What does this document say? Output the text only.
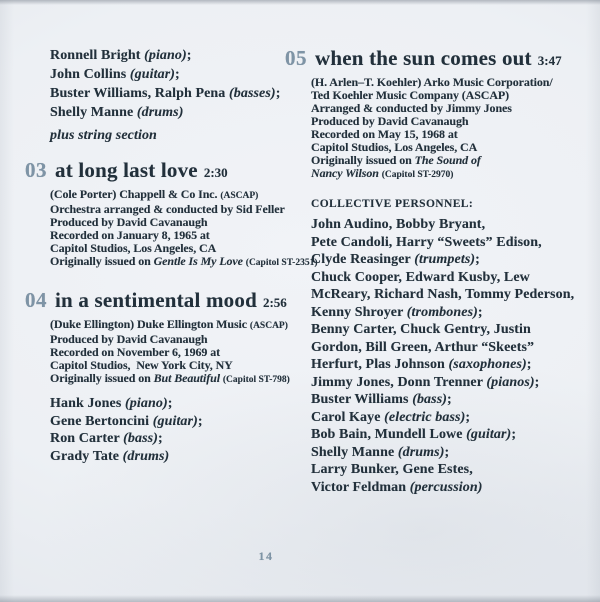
Ronnell Bright (piano);
John Collins (guitar);
Buster Williams, Ralph Pena (basses);
Shelly Manne (drums)
plus string section
03 at long last love 2:30
(Cole Porter) Chappell & Co Inc. (ASCAP)
Orchestra arranged & conducted by Sid Feller
Produced by David Cavanaugh
Recorded on January 8, 1965 at
Capitol Studios, Los Angeles, CA
Originally issued on Gentle Is My Love (Capitol ST-2351)
04 in a sentimental mood 2:56
(Duke Ellington) Duke Ellington Music (ASCAP)
Produced by David Cavanaugh
Recorded on November 6, 1969 at
Capitol Studios,  New York City, NY
Originally issued on But Beautiful (Capitol ST-798)
Hank Jones (piano);
Gene Bertoncini (guitar);
Ron Carter (bass);
Grady Tate (drums)
05 when the sun comes out 3:47
(H. Arlen–T. Koehler) Arko Music Corporation/
Ted Koehler Music Company (ASCAP)
Arranged & conducted by Jimmy Jones
Produced by David Cavanaugh
Recorded on May 15, 1968 at
Capitol Studios, Los Angeles, CA
Originally issued on The Sound of
Nancy Wilson (Capitol ST-2970)
COLLECTIVE PERSONNEL:
John Audino, Bobby Bryant,
Pete Candoli, Harry “Sweets” Edison,
Clyde Reasinger (trumpets);
Chuck Cooper, Edward Kusby, Lew
McReary, Richard Nash, Tommy Pederson,
Kenny Shroyer (trombones);
Benny Carter, Chuck Gentry, Justin
Gordon, Bill Green, Arthur “Skeets”
Herfurt, Plas Johnson (saxophones);
Jimmy Jones, Donn Trenner (pianos);
Buster Williams (bass);
Carol Kaye (electric bass);
Bob Bain, Mundell Lowe (guitar);
Shelly Manne (drums);
Larry Bunker, Gene Estes,
Victor Feldman (percussion)
14
